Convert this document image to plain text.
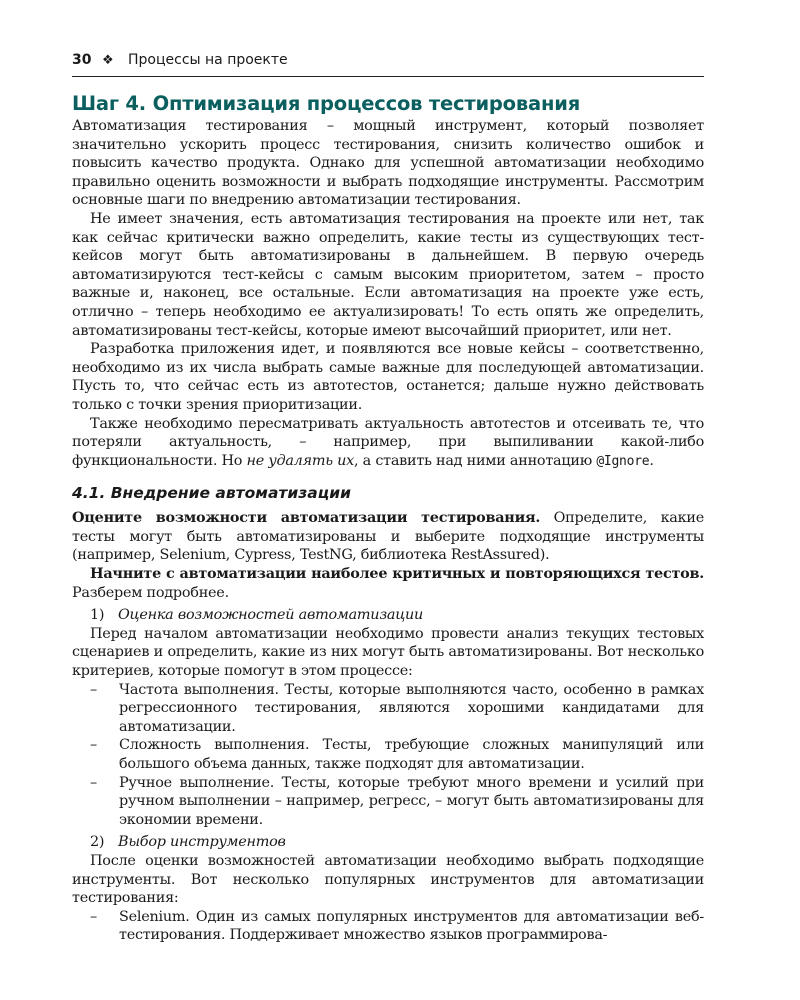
30 ❖	Процессы на проекте
Шаг 4. Оптимизация процессов тестирования

Автоматизация тестирования – мощный инструмент, который позволяет значительно ускорить процесс тестирования, снизить количество ошибок и повысить качество продукта. Однако для успешной автоматизации необходимо правильно оценить возможности и выбрать подходящие инструменты. Рассмотрим основные шаги по внедрению автоматизации тестирования.

Не имеет значения, есть автоматизация тестирования на проекте или нет, так как сейчас критически важно определить, какие тесты из существующих тест-кейсов могут быть автоматизированы в дальнейшем. В первую очередь автоматизируются тест-кейсы с самым высоким приоритетом, затем – просто важные и, наконец, все остальные. Если автоматизация на проекте уже есть, отлично – теперь необходимо ее актуализировать! То есть опять же определить, автоматизированы тест-кейсы, которые имеют высочайший приоритет, или нет.

Разработка приложения идет, и появляются все новые кейсы – соответственно, необходимо из их числа выбрать самые важные для последующей автоматизации. Пусть то, что сейчас есть из автотестов, останется; дальше нужно действовать только с точки зрения приоритизации.

Также необходимо пересматривать актуальность автотестов и отсеивать те, что потеряли актуальность, – например, при выпиливании какой-либо функциональности. Но не удалять их, а ставить над ними аннотацию @Ignore.

4.1. Внедрение автоматизации

Оцените возможности автоматизации тестирования. Определите, какие тесты могут быть автоматизированы и выберите подходящие инструменты (например, Selenium, Cypress, TestNG, библиотека RestAssured).

Начните с автоматизации наиболее критичных и повторяющихся тестов. Разберем подробнее.

1) Оценка возможностей автоматизации

Перед началом автоматизации необходимо провести анализ текущих тестовых сценариев и определить, какие из них могут быть автоматизированы. Вот несколько критериев, которые помогут в этом процессе:

– Частота выполнения. Тесты, которые выполняются часто, особенно в рамках регрессионного тестирования, являются хорошими кандидатами для автоматизации.
– Сложность выполнения. Тесты, требующие сложных манипуляций или большого объема данных, также подходят для автоматизации.
– Ручное выполнение. Тесты, которые требуют много времени и усилий при ручном выполнении – например, регресс, – могут быть автоматизированы для экономии времени.

2) Выбор инструментов

После оценки возможностей автоматизации необходимо выбрать подходящие инструменты. Вот несколько популярных инструментов для автоматизации тестирования:

– Selenium. Один из самых популярных инструментов для автоматизации веб-тестирования. Поддерживает множество языков программирова-
